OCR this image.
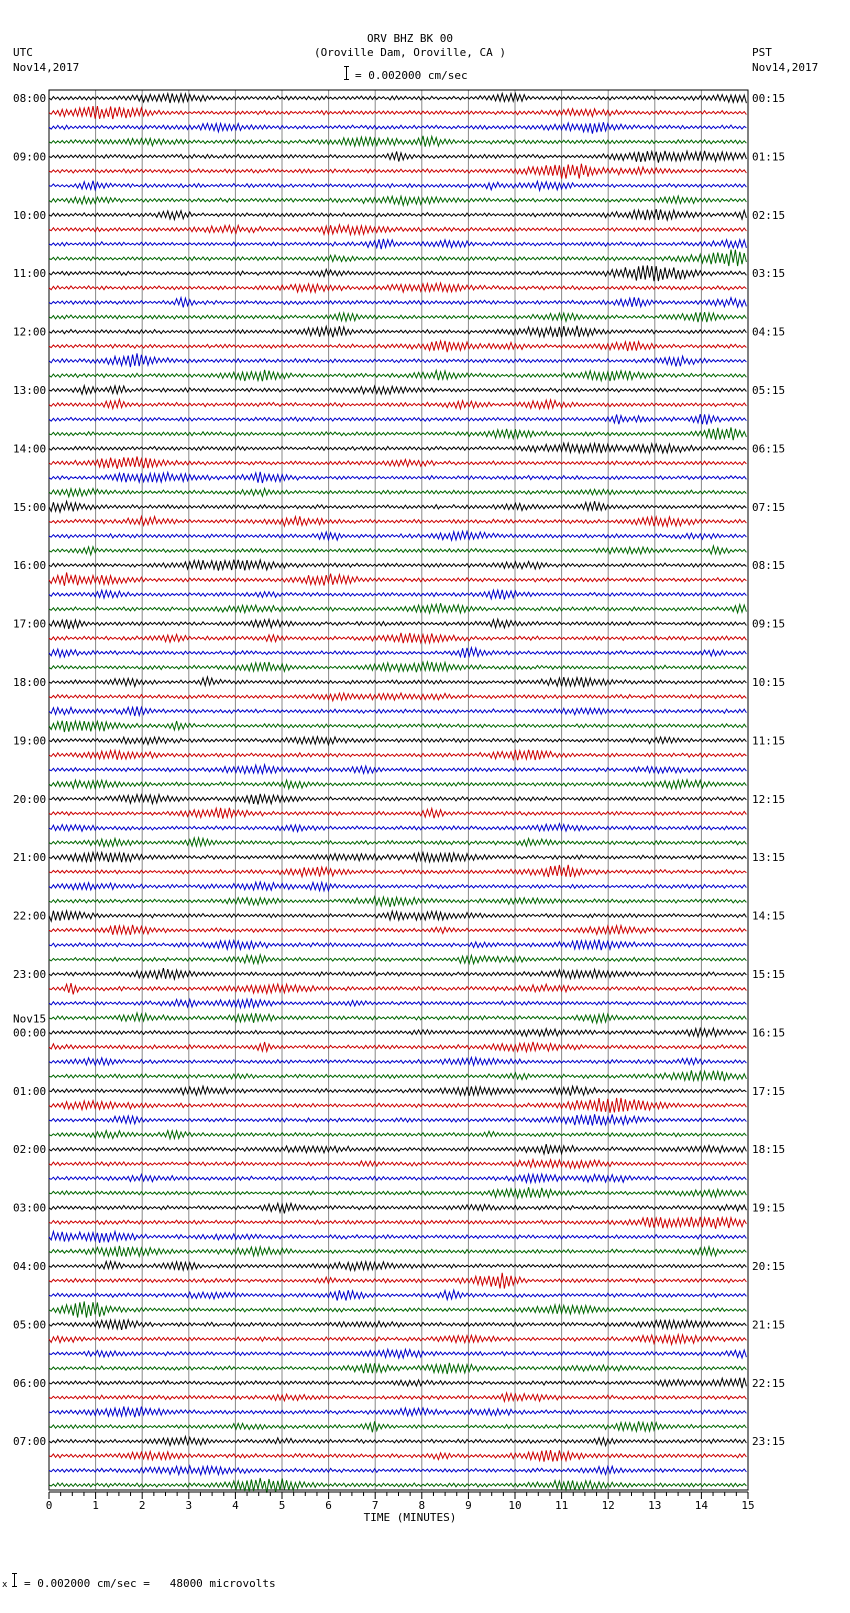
ORV BHZ BK 00
(Oroville Dam, Oroville, CA )
= 0.002000 cm/sec
UTC
Nov14,2017
PST
Nov14,2017
0	1	2	3	4	5	6	7	8	9	10	11	12	13	14	15
08:00
09:00
10:00
11:00
12:00
13:00
14:00
15:00
16:00
17:00
18:00
19:00
20:00
21:00
22:00
23:00
00:00
Nov15
01:00
02:00
03:00
04:00
05:00
06:00
07:00
00:15
01:15
02:15
03:15
04:15
05:15
06:15
07:15
08:15
09:15
10:15
11:15
12:15
13:15
14:15
15:15
16:15
17:15
18:15
19:15
20:15
21:15
22:15
23:15
TIME (MINUTES)
x = 0.002000 cm/sec =   48000 microvolts
